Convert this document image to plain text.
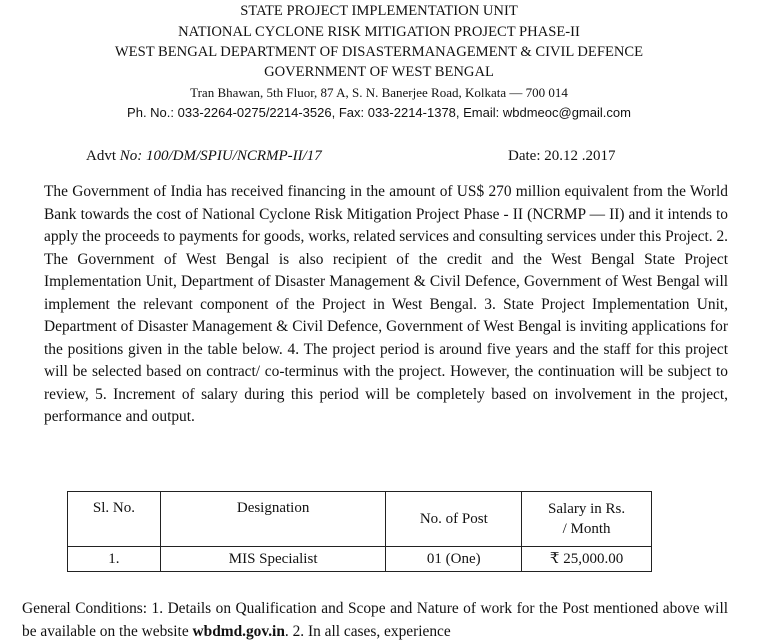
STATE PROJECT IMPLEMENTATION UNIT
NATIONAL CYCLONE RISK MITIGATION PROJECT PHASE-II
WEST BENGAL DEPARTMENT OF DISASTERMANAGEMENT & CIVIL DEFENCE
GOVERNMENT OF WEST BENGAL
Tran Bhawan, 5th Fluor, 87 A, S. N. Banerjee Road, Kolkata — 700 014
Ph. No.: 033-2264-0275/2214-3526, Fax: 033-2214-1378, Email: wbdmeoc@gmail.com
Advt No: 100/DM/SPIU/NCRMP-II/17	Date: 20.12 .2017

The Government of India has received financing in the amount of US$ 270 million equivalent from the World Bank towards the cost of National Cyclone Risk Mitigation Project Phase - II (NCRMP — II) and it intends to apply the proceeds to payments for goods, works, related services and consulting services under this Project. 2. The Government of West Bengal is also recipient of the credit and the West Bengal State Project Implementation Unit, Department of Disaster Management & Civil Defence, Government of West Bengal will implement the relevant component of the Project in West Bengal. 3. State Project Implementation Unit, Department of Disaster Management & Civil Defence, Government of West Bengal is inviting applications for the positions given in the table below. 4. The project period is around five years and the staff for this project will be selected based on contract/ co-terminus with the project. However, the continuation will be subject to review, 5. Increment of salary during this period will be completely based on involvement in the project, performance and output.

Sl. No.	Designation	No. of Post	Salary in Rs.
/ Month

1.	MIS Specialist	01 (One)	₹ 25,000.00

General Conditions: 1. Details on Qualification and Scope and Nature of work for the Post mentioned above will be available on the website wbdmd.gov.in. 2. In all cases, experience
